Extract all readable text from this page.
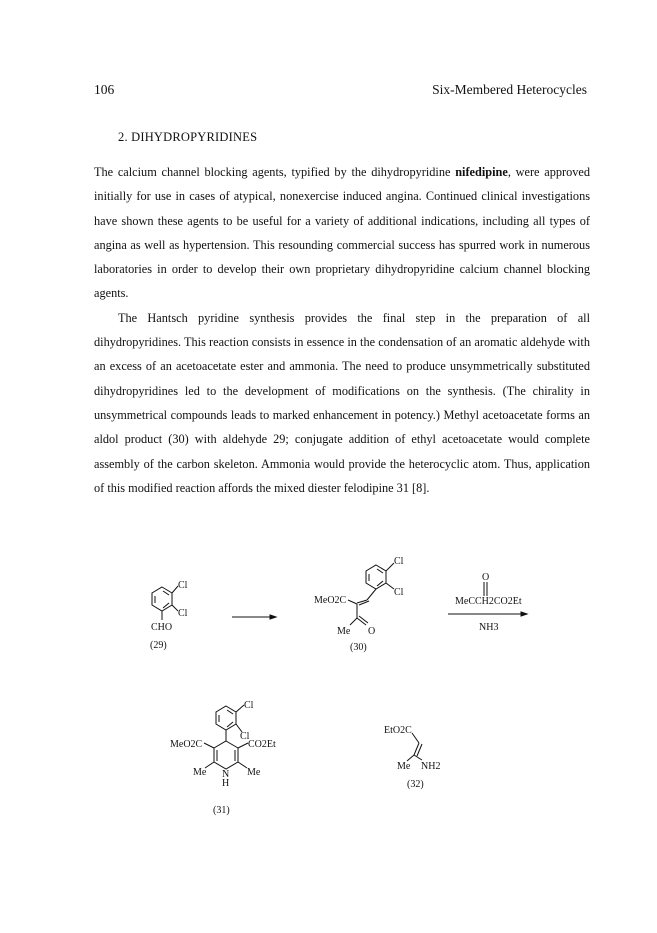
106	Six-Membered Heterocycles
2. DIHYDROPYRIDINES

The calcium channel blocking agents, typified by the dihydropyridine nifedipine, were approved initially for use in cases of atypical, nonexercise induced angina. Continued clinical investigations have shown these agents to be useful for a variety of additional indications, including all types of angina as well as hypertension. This resounding commercial success has spurred work in numerous laboratories in order to develop their own proprietary dihydropyridine calcium channel blocking agents.

The Hantsch pyridine synthesis provides the final step in the preparation of all dihydropyridines. This reaction consists in essence in the condensation of an aromatic aldehyde with an excess of an acetoacetate ester and ammonia. The need to produce unsymmetrically substituted dihydropyridines led to the development of modifications on the synthesis. (The chirality in unsymmetrical compounds leads to marked enhancement in potency.) Methyl acetoacetate forms an aldol product (30) with aldehyde 29; conjugate addition of ethyl acetoacetate would complete assembly of the carbon skeleton. Ammonia would provide the heterocyclic atom. Thus, application of this modified reaction affords the mixed diester felodipine 31 [8].

Cl
Cl
CHO
(29)
Cl
Cl
MeO2C
Me O
(30)
O
MeCCH2CO2Et
NH3
Cl
Cl
MeO2C	CO2Et
Me	Me
N
H
(31)
EtO2C
Me NH2
(32)
